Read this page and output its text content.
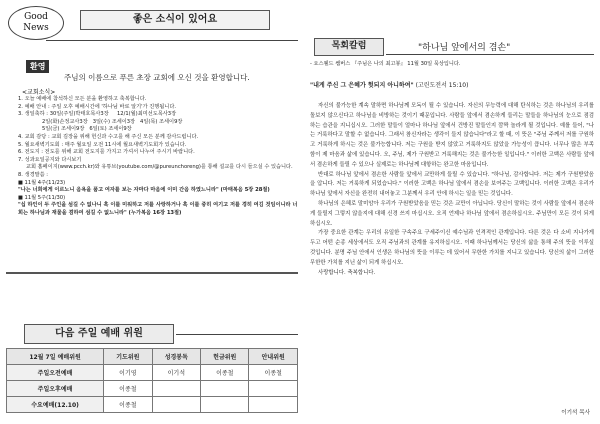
Good
News
좋은 소식이 있어요
환영
주님의 이름으로 푸른 초장 교회에 오신 것을 환영합니다.
<교회소식>
1. 오늘 예배에 참석하신 모든 분을 환영하고 축복합니다.
2. 예배 안내 : 주일 오후 예배시간에 '하나님 바로 알기'가 진행됩니다.
3. 생일축하 : 30일(주일)박태호목사3장 12/1(월)최미선도목사3장
2일(화)손정교사3장 3일(수) 조세이3장 4일(목) 조세이9장
5일(금) 조세이9장 6일(토) 조세이9장
4. 교회 감당 : 교회 김장을 위해 헌신과 수고를 해 주신 모든 분께 감사드립니다.
5. 월요새벽기도회 : 매주 월요일 오전 11시에 월요새벽기도회가 있습니다.
6. 전도지 : 전도를 위해 교회 전도지를 가지고 가셔서 나누어 주시기 바랍니다.
7. 성과요일공지와 다시보기
교회 홈페이지(www.pcch.kr)와 유튜브(youtube.com/@pureunchoreng)를 통해 설교를 다시 들으실 수 있습니다.
8. 생경말씀 :
■ 11월 4주(11/23)
"나는 너희에게 이르노니 음욕을 품고 여자를 보는 자마다 마음에 이미 간음 하였느니라" (마태복음 5장 28절)
■ 11월 5주(11/30)
"십 하인이 두 주인을 섬길 수 없나니 혹 이를 미워하고 저를 사랑하거나 혹 이를 중히 여기고 저를 경히 여김 것임이니라 너희는 하나님과 재물을 겸하여 섬길 수 없느니라" (누가복음 16장 13절)
다음 주일 예배 위원
12월 7일 예배위원	기도위원	성경봉독	헌금위원	안내위원
주일오전예배	이기영	이기석	이종철	이종철
주일오후예배	이종철			
수요예배(12.10)	이종철			
목회칼럼	"하나님 앞에서의 겸손"
- 요스웰드 쌤버스 『주님은 나의 최고봉』 11월 30일 묵상입니다.
"내게 주신 그 은혜가 헛되지 아니하여" (고린도전서 15:10)

자신의 불가능한 계속 말하면 하나님께 모독이 될 수 있습니다. 자신의 무능력에 대해 탄식하는 것은 하나님의 우리를 돌보지 않으신다고 하나님을 비방하는 것이기 때문입니다. 사람들 앞에서 겸손하게 들리는 말들을 하나님의 눈으로 점검하는 습관을 지니십시오. 그러한 말들이 얼마나 하나님 앞에서 건방진 말들인지 깜짝 놀라게 될 것입니다. 예를 들어, "나는 거룩하다고 말할 수 없습니다. 그래서 참신자라는 생각이 들지 않습니다"라고 할 때, 이 뜻은 "주님 주께서 저를 구원하고 거룩하게 하시는 것은 불가능합니다. 저는 구원을 받지 않았고 거룩하지도 않았을 가능성이 큽니다. 너무나 많은 부족함이 제 마음과 삶에 있습니다. 오, 주님, 제가 구원받고 거룩해지는 것은 불가능한 일입니다." 이러한 고백은 사람들 앞에서 겸손하게 들릴 수 있으나 실제로는 하나님께 대항하는 완고한 마음입니다.

반대로 하나님 앞에서 겸손한 사람들 앞에서 교만하게 들릴 수 있습니다. "하나님, 감사합니다. 저는 제가 구원받았음을 압니다. 저는 거룩하게 되었습니다." 이러한 고백은 하나님 앞에서 겸손을 보여주는 고백입니다. 이러한 고백은 우리가 하나님 앞에서 자신을 완전히 내어놓고 그분께서 우리 안에 하시는 일을 믿는 것입니다.

하나님의 은혜로 말미암아 우리가 구원받았음을 믿는 것은 교만이 아닙니다. 당신이 말하는 것이 사람들 앞에서 겸손하게 들릴지 그렇지 않을지에 대해 신경 쓰지 마십시오. 오직 언제나 하나님 앞에서 겸손하십시오. 주님만이 모든 것이 되게 하십시오.

가장 중요한 관계는 우리의 유일한 구속주요 구세주이신 예수님과 인격적인 관계입니다. 다른 것은 다 소비 지나가게 두고 어떤 순종 세상에서도 오직 주님과의 관계를 유지하십시오. 이때 하나님께서는 당신의 삶을 통해 주의 뜻을 이루실 것입니다. 분명 주님 안에서 인생은 하나님의 뜻을 이루는 데 있어서 무한한 가치를 지니고 있습니다. 당신의 삶이 그러한 무한한 가치를 지닌 삶이 되게 하십시오.

사랑합니다. 축복합니다.

이기석 목사
